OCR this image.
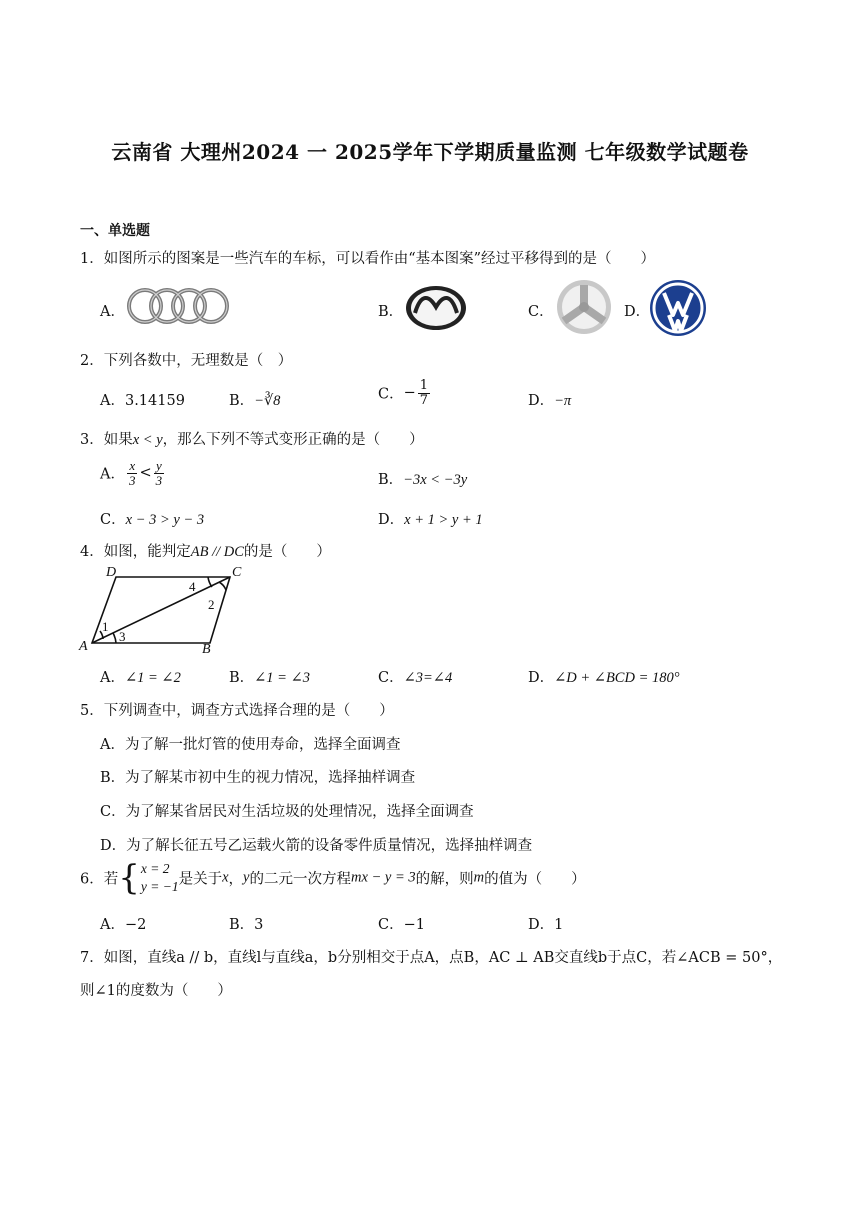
云南省 大理州2024 一 2025学年下学期质量监测 七年级数学试题卷
一、单选题
1．如图所示的图案是一些汽车的车标，可以看作由“基本图案”经过平移得到的是（　　）
A．	B．	C．	D．
2．下列各数中，无理数是（　）
A．3.14159	B．−∛8	C．− $\frac{1}{7}$	D．−π
3．如果x < y，那么下列不等式变形正确的是（　　）
A． $\frac{x}{3} < \frac{y}{3}$	B．−3x < −3y
C．x − 3 > y − 3	D．x + 1 > y + 1
4．如图，能判定AB // DC的是（　　）
D	C
A	B
1
2
3
4
A．∠1 = ∠2	B．∠1 = ∠3	C．∠3=∠4	D．∠D + ∠BCD = 180°
5．下列调查中，调查方式选择合理的是（　　）
A．为了解一批灯管的使用寿命，选择全面调查
B．为了解某市初中生的视力情况，选择抽样调查
C．为了解某省居民对生活垃圾的处理情况，选择全面调查
D．为了解长征五号乙运载火箭的设备零件质量情况，选择抽样调查
6．若{ x = 2
y = −1 是关于x，y的二元一次方程mx − y = 3的解，则m的值为（　　）
A．−2	B．3	C．−1	D．1
7．如图，直线a // b，直线l与直线a，b分别相交于点A，点B，AC ⊥ AB交直线b于点C，若∠ACB = 50°，
则∠1的度数为（　　）
